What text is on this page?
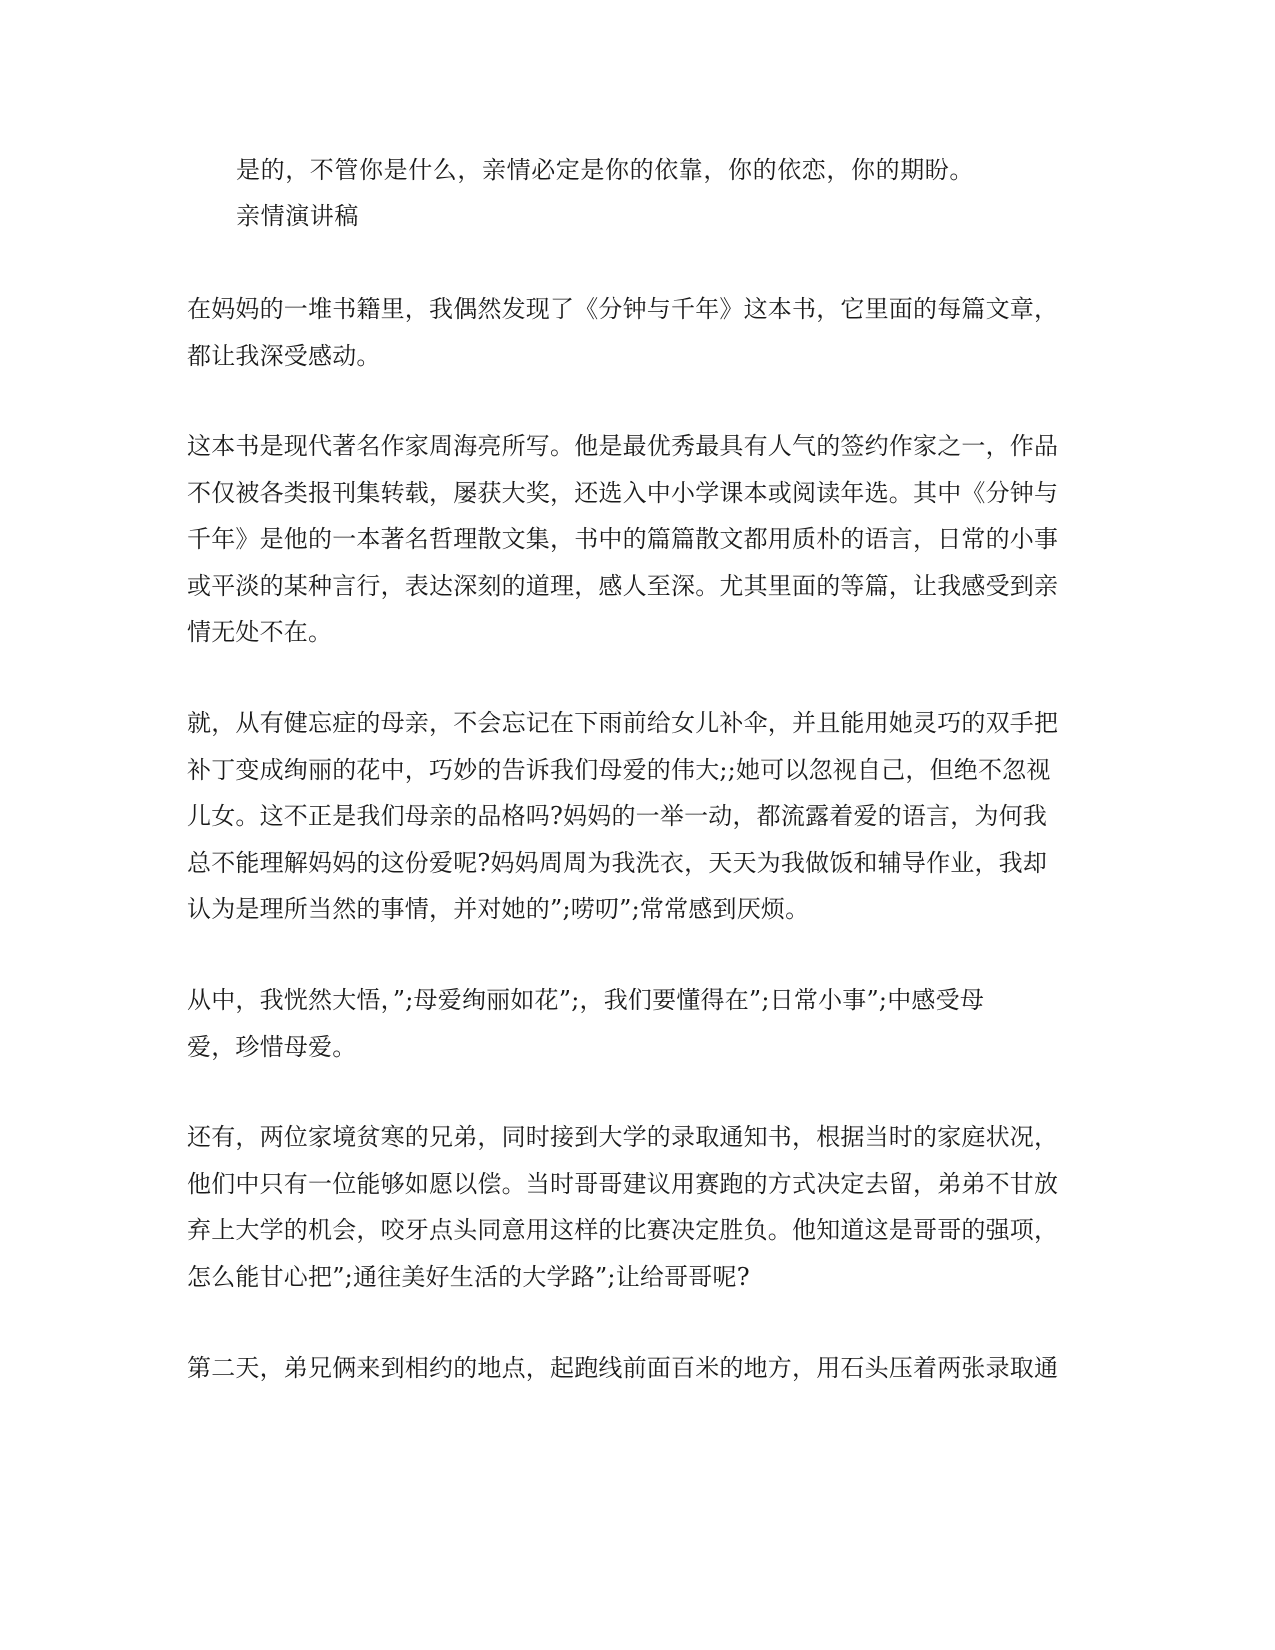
是的，不管你是什么，亲情必定是你的依靠，你的依恋，你的期盼。
亲情演讲稿
在妈妈的一堆书籍里，我偶然发现了《分钟与千年》这本书，它里面的每篇文章，
都让我深受感动。
这本书是现代著名作家周海亮所写。他是最优秀最具有人气的签约作家之一，作品
不仅被各类报刊集转载，屡获大奖，还选入中小学课本或阅读年选。其中《分钟与
千年》是他的一本著名哲理散文集，书中的篇篇散文都用质朴的语言，日常的小事
或平淡的某种言行，表达深刻的道理，感人至深。尤其里面的等篇，让我感受到亲
情无处不在。
就，从有健忘症的母亲，不会忘记在下雨前给女儿补伞，并且能用她灵巧的双手把
补丁变成绚丽的花中，巧妙的告诉我们母爱的伟大;;她可以忽视自己，但绝不忽视
儿女。这不正是我们母亲的品格吗?妈妈的一举一动，都流露着爱的语言，为何我
总不能理解妈妈的这份爱呢?妈妈周周为我洗衣，天天为我做饭和辅导作业，我却
认为是理所当然的事情，并对她的”;唠叨”;常常感到厌烦。
从中，我恍然大悟，”;母爱绚丽如花”;，我们要懂得在”;日常小事”;中感受母
爱，珍惜母爱。
还有，两位家境贫寒的兄弟，同时接到大学的录取通知书，根据当时的家庭状况，
他们中只有一位能够如愿以偿。当时哥哥建议用赛跑的方式决定去留，弟弟不甘放
弃上大学的机会，咬牙点头同意用这样的比赛决定胜负。他知道这是哥哥的强项，
怎么能甘心把”;通往美好生活的大学路”;让给哥哥呢?
第二天，弟兄俩来到相约的地点，起跑线前面百米的地方，用石头压着两张录取通
